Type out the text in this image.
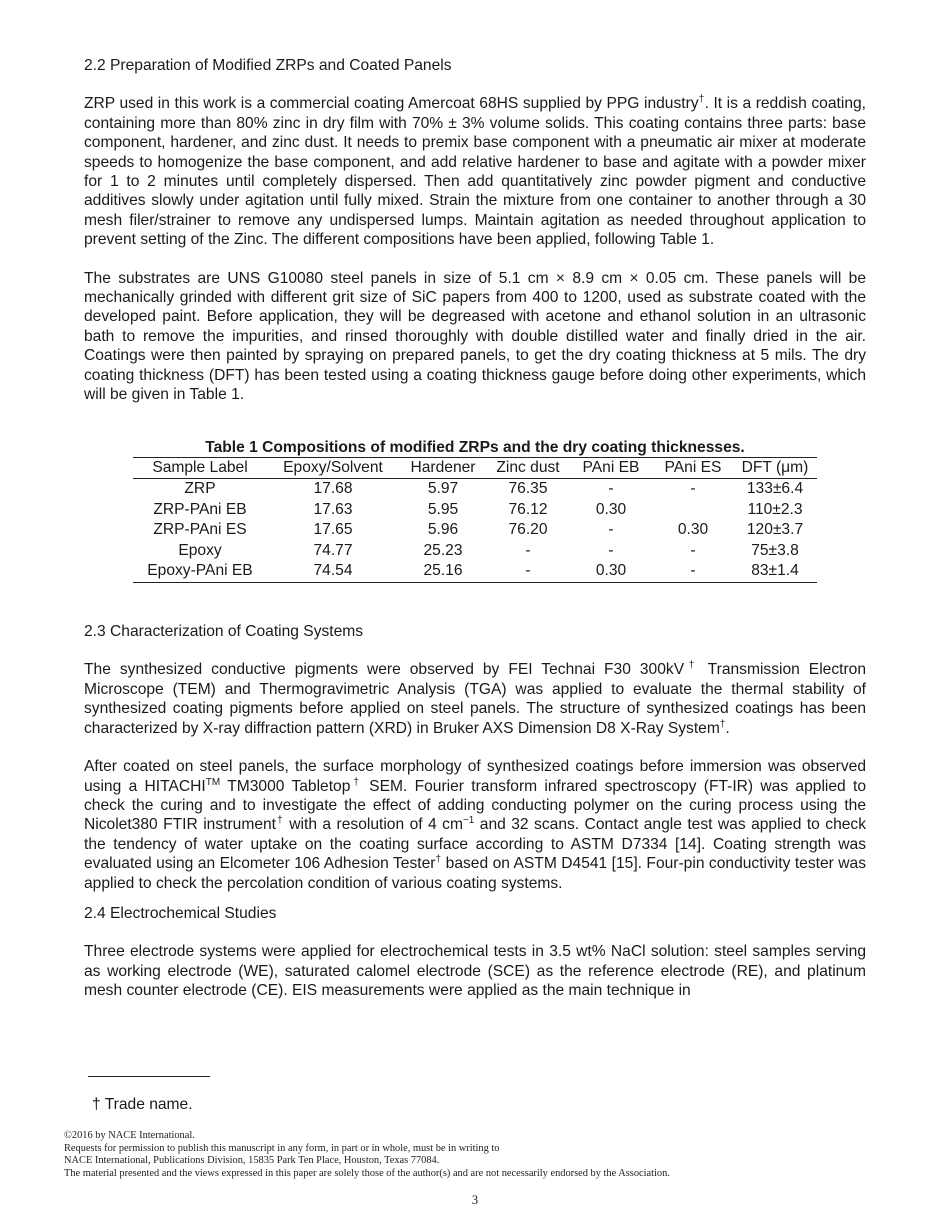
2.2 Preparation of Modified ZRPs and Coated Panels

ZRP used in this work is a commercial coating Amercoat 68HS supplied by PPG industry†. It is a reddish coating, containing more than 80% zinc in dry film with 70% ± 3% volume solids. This coating contains three parts: base component, hardener, and zinc dust. It needs to premix base component with a pneumatic air mixer at moderate speeds to homogenize the base component, and add relative hardener to base and agitate with a powder mixer for 1 to 2 minutes until completely dispersed. Then add quantitatively zinc powder pigment and conductive additives slowly under agitation until fully mixed. Strain the mixture from one container to another through a 30 mesh filer/strainer to remove any undispersed lumps. Maintain agitation as needed throughout application to prevent setting of the Zinc. The different compositions have been applied, following Table 1.

The substrates are UNS G10080 steel panels in size of 5.1 cm × 8.9 cm × 0.05 cm. These panels will be mechanically grinded with different grit size of SiC papers from 400 to 1200, used as substrate coated with the developed paint. Before application, they will be degreased with acetone and ethanol solution in an ultrasonic bath to remove the impurities, and rinsed thoroughly with double distilled water and finally dried in the air. Coatings were then painted by spraying on prepared panels, to get the dry coating thickness at 5 mils. The dry coating thickness (DFT) has been tested using a coating thickness gauge before doing other experiments, which will be given in Table 1.

Table 1 Compositions of modified ZRPs and the dry coating thicknesses.

Sample Label	Epoxy/Solvent	Hardener	Zinc dust	PAni EB	PAni ES	DFT (μm)
ZRP	17.68	5.97	76.35	-	-	133±6.4
ZRP-PAni EB	17.63	5.95	76.12	0.30		110±2.3
ZRP-PAni ES	17.65	5.96	76.20	-	0.30	120±3.7
Epoxy	74.77	25.23	-	-	-	75±3.8
Epoxy-PAni EB	74.54	25.16	-	0.30	-	83±1.4

2.3 Characterization of Coating Systems

The synthesized conductive pigments were observed by FEI Technai F30 300kV† Transmission Electron Microscope (TEM) and Thermogravimetric Analysis (TGA) was applied to evaluate the thermal stability of synthesized coating pigments before applied on steel panels. The structure of synthesized coatings has been characterized by X-ray diffraction pattern (XRD) in Bruker AXS Dimension D8 X-Ray System†.

After coated on steel panels, the surface morphology of synthesized coatings before immersion was observed using a HITACHI™ TM3000 Tabletop† SEM. Fourier transform infrared spectroscopy (FT-IR) was applied to check the curing and to investigate the effect of adding conducting polymer on the curing process using the Nicolet380 FTIR instrument† with a resolution of 4 $cm^{-1}$ and 32 scans. Contact angle test was applied to check the tendency of water uptake on the coating surface according to ASTM D7334 [14]. Coating strength was evaluated using an Elcometer 106 Adhesion Tester† based on ASTM D4541 [15]. Four-pin conductivity tester was applied to check the percolation condition of various coating systems.

2.4 Electrochemical Studies

Three electrode systems were applied for electrochemical tests in 3.5 wt% NaCl solution: steel samples serving as working electrode (WE), saturated calomel electrode (SCE) as the reference electrode (RE), and platinum mesh counter electrode (CE). EIS measurements were applied as the main technique in

† Trade name.
©2016 by NACE International.
Requests for permission to publish this manuscript in any form, in part or in whole, must be in writing to
NACE International, Publications Division, 15835 Park Ten Place, Houston, Texas 77084.
The material presented and the views expressed in this paper are solely those of the author(s) and are not necessarily endorsed by the Association.
3
